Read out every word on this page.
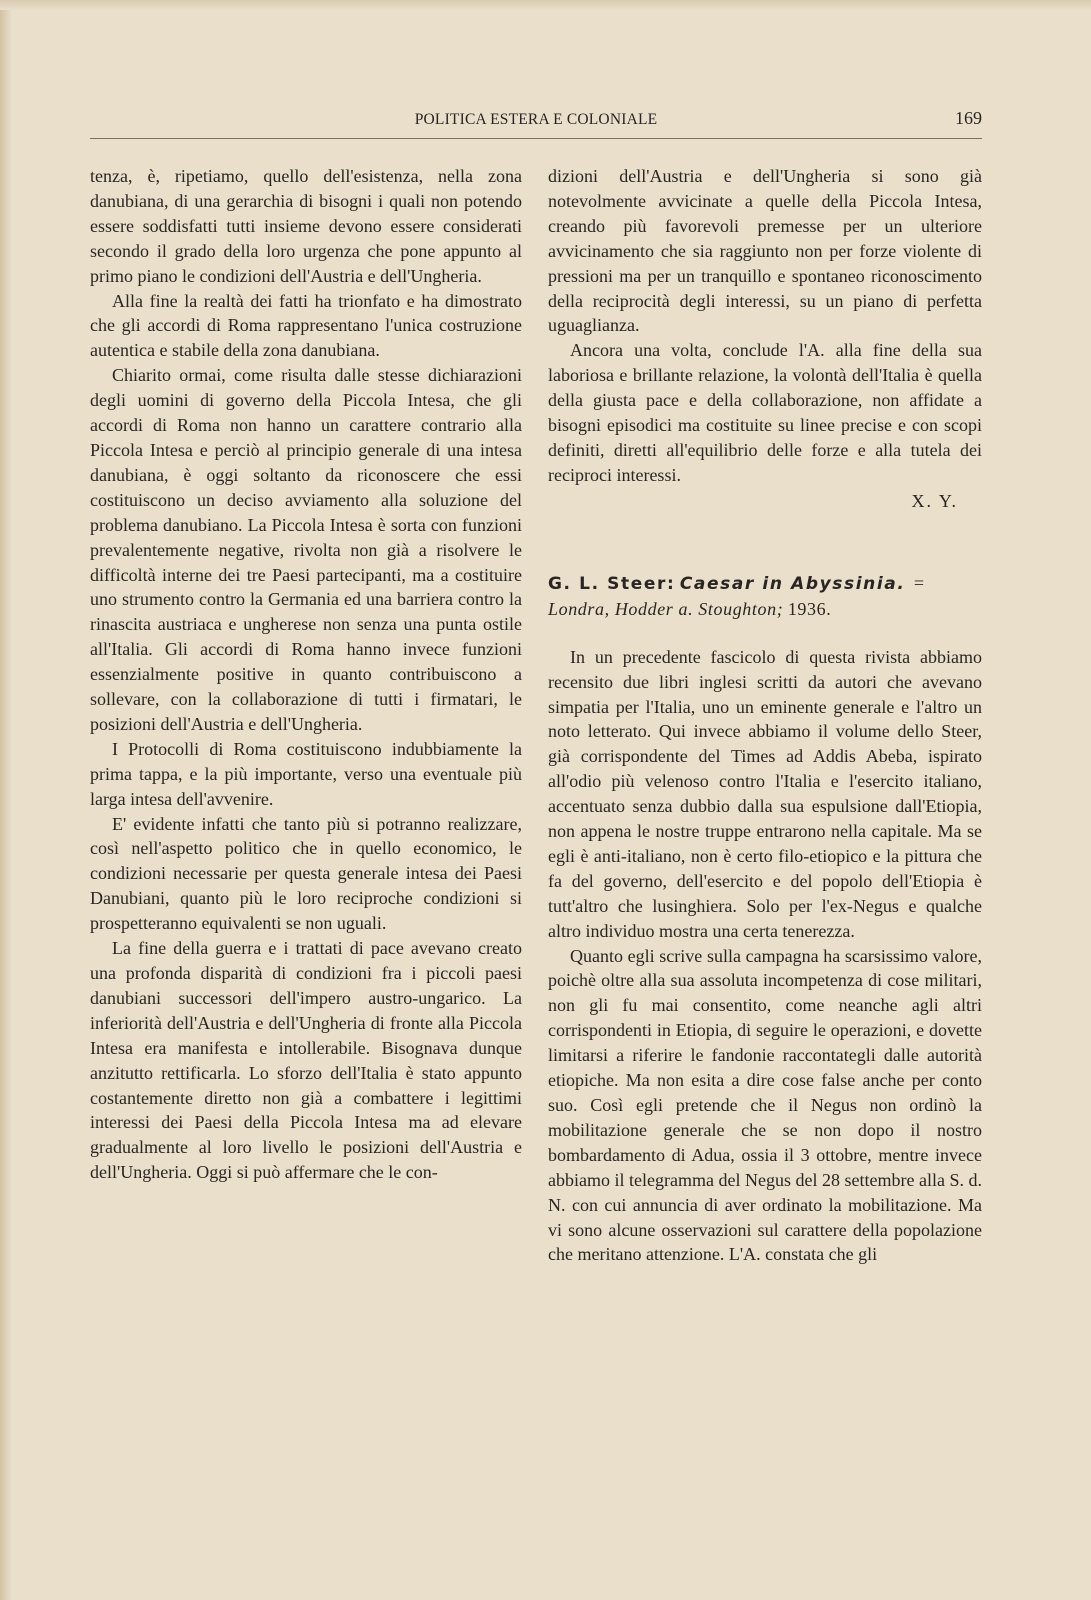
POLITICA ESTERA E COLONIALE	169

tenza, è, ripetiamo, quello dell'esistenza, nella zona danubiana, di una gerarchia di bisogni i quali non potendo essere soddisfatti tutti insieme devono essere considerati secondo il grado della loro urgenza che pone appunto al primo piano le condizioni dell'Austria e dell'Ungheria.

Alla fine la realtà dei fatti ha trionfato e ha dimostrato che gli accordi di Roma rappresentano l'unica costruzione autentica e stabile della zona danubiana.

Chiarito ormai, come risulta dalle stesse dichiarazioni degli uomini di governo della Piccola Intesa, che gli accordi di Roma non hanno un carattere contrario alla Piccola Intesa e perciò al principio generale di una intesa danubiana, è oggi soltanto da riconoscere che essi costituiscono un deciso avviamento alla soluzione del problema danubiano. La Piccola Intesa è sorta con funzioni prevalentemente negative, rivolta non già a risolvere le difficoltà interne dei tre Paesi partecipanti, ma a costituire uno strumento contro la Germania ed una barriera contro la rinascita austriaca e ungherese non senza una punta ostile all'Italia. Gli accordi di Roma hanno invece funzioni essenzialmente positive in quanto contribuiscono a sollevare, con la collaborazione di tutti i firmatari, le posizioni dell'Austria e dell'Ungheria.

I Protocolli di Roma costituiscono indubbiamente la prima tappa, e la più importante, verso una eventuale più larga intesa dell'avvenire.

E' evidente infatti che tanto più si potranno realizzare, così nell'aspetto politico che in quello economico, le condizioni necessarie per questa generale intesa dei Paesi Danubiani, quanto più le loro reciproche condizioni si prospetteranno equivalenti se non uguali.

La fine della guerra e i trattati di pace avevano creato una profonda disparità di condizioni fra i piccoli paesi danubiani successori dell'impero austro-ungarico. La inferiorità dell'Austria e dell'Ungheria di fronte alla Piccola Intesa era manifesta e intollerabile. Bisognava dunque anzitutto rettificarla. Lo sforzo dell'Italia è stato appunto costantemente diretto non già a combattere i legittimi interessi dei Paesi della Piccola Intesa ma ad elevare gradualmente al loro livello le posizioni dell'Austria e dell'Ungheria. Oggi si può affermare che le con-

dizioni dell'Austria e dell'Ungheria si sono già notevolmente avvicinate a quelle della Piccola Intesa, creando più favorevoli premesse per un ulteriore avvicinamento che sia raggiunto non per forze violente di pressioni ma per un tranquillo e spontaneo riconoscimento della reciprocità degli interessi, su un piano di perfetta uguaglianza.

Ancora una volta, conclude l'A. alla fine della sua laboriosa e brillante relazione, la volontà dell'Italia è quella della giusta pace e della collaborazione, non affidate a bisogni episodici ma costituite su linee precise e con scopi definiti, diretti all'equilibrio delle forze e alla tutela dei reciproci interessi.

X. Y.
G. L. Steer: Caesar in Abyssinia. =
Londra, Hodder a. Stoughton; 1936.

In un precedente fascicolo di questa rivista abbiamo recensito due libri inglesi scritti da autori che avevano simpatia per l'Italia, uno un eminente generale e l'altro un noto letterato. Qui invece abbiamo il volume dello Steer, già corrispondente del Times ad Addis Abeba, ispirato all'odio più velenoso contro l'Italia e l'esercito italiano, accentuato senza dubbio dalla sua espulsione dall'Etiopia, non appena le nostre truppe entrarono nella capitale. Ma se egli è anti-italiano, non è certo filo-etiopico e la pittura che fa del governo, dell'esercito e del popolo dell'Etiopia è tutt'altro che lusinghiera. Solo per l'ex-Negus e qualche altro individuo mostra una certa tenerezza.

Quanto egli scrive sulla campagna ha scarsissimo valore, poichè oltre alla sua assoluta incompetenza di cose militari, non gli fu mai consentito, come neanche agli altri corrispondenti in Etiopia, di seguire le operazioni, e dovette limitarsi a riferire le fandonie raccontategli dalle autorità etiopiche. Ma non esita a dire cose false anche per conto suo. Così egli pretende che il Negus non ordinò la mobilitazione generale che se non dopo il nostro bombardamento di Adua, ossia il 3 ottobre, mentre invece abbiamo il telegramma del Negus del 28 settembre alla S. d. N. con cui annuncia di aver ordinato la mobilitazione. Ma vi sono alcune osservazioni sul carattere della popolazione che meritano attenzione. L'A. constata che gli
